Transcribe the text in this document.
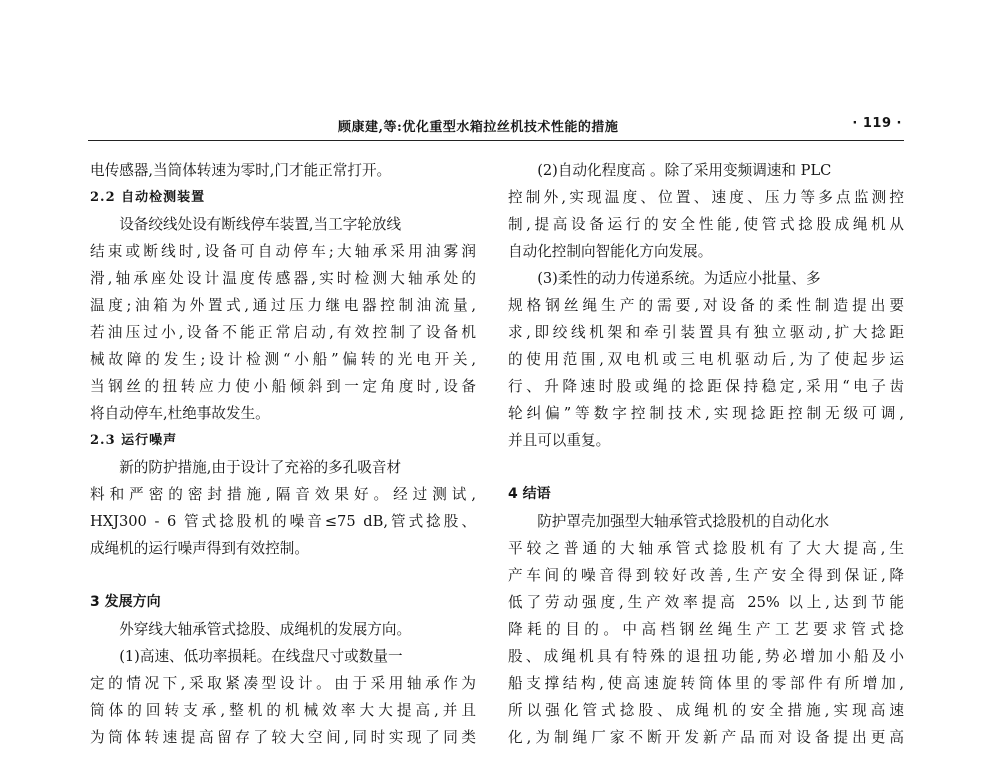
顾康建,等:优化重型水箱拉丝机技术性能的措施	· 119 ·
电传感器,当筒体转速为零时,门才能正常打开。
2.2 自动检测装置
设备绞线处设有断线停车装置,当工字轮放线
结束或断线时,设备可自动停车;大轴承采用油雾润
滑,轴承座处设计温度传感器,实时检测大轴承处的
温度;油箱为外置式,通过压力继电器控制油流量,
若油压过小,设备不能正常启动,有效控制了设备机
械故障的发生;设计检测“小船”偏转的光电开关,
当钢丝的扭转应力使小船倾斜到一定角度时,设备
将自动停车,杜绝事故发生。
2.3 运行噪声
新的防护措施,由于设计了充裕的多孔吸音材
料和严密的密封措施,隔音效果好。经过测试,
HXJ300 - 6 管式捻股机的噪音≤75 dB,管式捻股、
成绳机的运行噪声得到有效控制。
3 发展方向
外穿线大轴承管式捻股、成绳机的发展方向。
(1)高速、低功率损耗。在线盘尺寸或数量一
定的情况下,采取紧凑型设计。由于采用轴承作为
筒体的回转支承,整机的机械效率大大提高,并且
为筒体转速提高留存了较大空间,同时实现了同类
(2)自动化程度高 。除了采用变频调速和 PLC
控制外,实现温度、位置、速度、压力等多点监测控
制,提高设备运行的安全性能,使管式捻股成绳机从
自动化控制向智能化方向发展。
(3)柔性的动力传递系统。为适应小批量、多
规格钢丝绳生产的需要,对设备的柔性制造提出要
求,即绞线机架和牵引装置具有独立驱动,扩大捻距
的使用范围,双电机或三电机驱动后,为了使起步运
行、升降速时股或绳的捻距保持稳定,采用“电子齿
轮纠偏”等数字控制技术,实现捻距控制无级可调,
并且可以重复。
4 结语
防护罩壳加强型大轴承管式捻股机的自动化水
平较之普通的大轴承管式捻股机有了大大提高,生
产车间的噪音得到较好改善,生产安全得到保证,降
低了劳动强度,生产效率提高 25% 以上,达到节能
降耗的目的。中高档钢丝绳生产工艺要求管式捻
股、成绳机具有特殊的退扭功能,势必增加小船及小
船支撑结构,使高速旋转筒体里的零部件有所增加,
所以强化管式捻股、成绳机的安全措施,实现高速
化,为制绳厂家不断开发新产品而对设备提出更高
